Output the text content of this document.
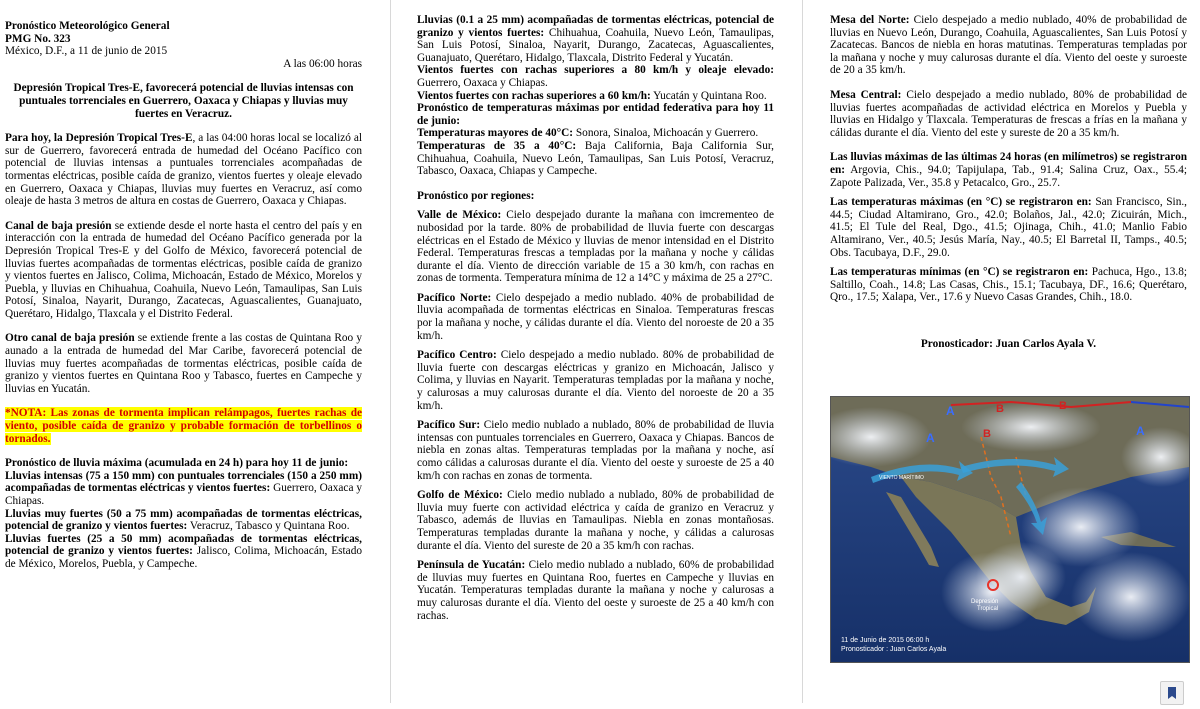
Pronóstico Meteorológico General

PMG No. 323

México, D.F., a 11 de junio de 2015

A las 06:00 horas

Depresión Tropical Tres-E, favorecerá potencial de lluvias intensas con puntuales torrenciales en Guerrero, Oaxaca y Chiapas y lluvias muy fuertes en Veracruz.

Para hoy, la Depresión Tropical Tres-E, a las 04:00 horas local se localizó al sur de Guerrero, favorecerá entrada de humedad del Océano Pacífico con potencial de lluvias intensas a puntuales torrenciales acompañadas de tormentas eléctricas, posible caída de granizo, vientos fuertes y oleaje elevado en Guerrero, Oaxaca y Chiapas, lluvias muy fuertes en Veracruz, así como oleaje de hasta 3 metros de altura en costas de Guerrero, Oaxaca y Chiapas.

Canal de baja presión se extiende desde el norte hasta el centro del país y en interacción con la entrada de humedad del Océano Pacífico generada por la Depresión Tropical Tres-E y del Golfo de México, favorecerá potencial de lluvias fuertes acompañadas de tormentas eléctricas, posible caída de granizo y vientos fuertes en Jalisco, Colima, Michoacán, Estado de México, Morelos y Puebla, y lluvias en Chihuahua, Coahuila, Nuevo León, Tamaulipas, San Luis Potosí, Sinaloa, Nayarit, Durango, Zacatecas, Aguascalientes, Guanajuato, Querétaro, Hidalgo, Tlaxcala y el Distrito Federal.

Otro canal de baja presión se extiende frente a las costas de Quintana Roo y aunado a la entrada de humedad del Mar Caribe, favorecerá potencial de lluvias muy fuertes acompañadas de tormentas eléctricas, posible caída de granizo y vientos fuertes en Quintana Roo y Tabasco, fuertes en Campeche y lluvias en Yucatán.

*NOTA: Las zonas de tormenta implican relámpagos, fuertes rachas de viento, posible caída de granizo y probable formación de torbellinos o tornados.

Pronóstico de lluvia máxima (acumulada en 24 h) para hoy 11 de junio:

Lluvias intensas (75 a 150 mm) con puntuales torrenciales (150 a 250 mm) acompañadas de tormentas eléctricas y vientos fuertes: Guerrero, Oaxaca y Chiapas.

Lluvias muy fuertes (50 a 75 mm) acompañadas de tormentas eléctricas, potencial de granizo y vientos fuertes: Veracruz, Tabasco y Quintana Roo.

Lluvias fuertes (25 a 50 mm) acompañadas de tormentas eléctricas, potencial de granizo y vientos fuertes: Jalisco, Colima, Michoacán, Estado de México, Morelos, Puebla, y Campeche.

Lluvias (0.1 a 25 mm) acompañadas de tormentas eléctricas, potencial de granizo y vientos fuertes: Chihuahua, Coahuila, Nuevo León, Tamaulipas, San Luis Potosí, Sinaloa, Nayarit, Durango, Zacatecas, Aguascalientes, Guanajuato, Querétaro, Hidalgo, Tlaxcala, Distrito Federal y Yucatán.

Vientos fuertes con rachas superiores a 80 km/h y oleaje elevado: Guerrero, Oaxaca y Chiapas.

Vientos fuertes con rachas superiores a 60 km/h: Yucatán y Quintana Roo.

Pronóstico de temperaturas máximas por entidad federativa para hoy 11 de junio:

Temperaturas mayores de 40°C: Sonora, Sinaloa, Michoacán y Guerrero.

Temperaturas de 35 a 40°C: Baja California, Baja California Sur, Chihuahua, Coahuila, Nuevo León, Tamaulipas, San Luis Potosí, Veracruz, Tabasco, Oaxaca, Chiapas y Campeche.

Pronóstico por regiones:

Valle de México: Cielo despejado durante la mañana con imcrementeo de nubosidad por la tarde. 80% de probabilidad de lluvia fuerte con descargas eléctricas en el Estado de México y lluvias de menor intensidad en el Distrito Federal. Temperaturas frescas a templadas por la mañana y noche y cálidas durante el día. Viento de dirección variable de 15 a 30 km/h, con rachas en zonas de tormenta. Temperatura mínima de 12 a 14°C y máxima de 25 a 27°C.

Pacífico Norte: Cielo despejado a medio nublado. 40% de probabilidad de lluvia acompañada de tormentas eléctricas en Sinaloa. Temperaturas frescas por la mañana y noche, y cálidas durante el día. Viento del noroeste de 20 a 35 km/h.

Pacífico Centro: Cielo despejado a medio nublado. 80% de probabilidad de lluvia fuerte con descargas eléctricas y granizo en Michoacán, Jalisco y Colima, y lluvias en Nayarit. Temperaturas templadas por la mañana y noche, y calurosas a muy calurosas durante el día. Viento del noroeste de 20 a 35 km/h.

Pacífico Sur: Cielo medio nublado a nublado, 80% de probabilidad de lluvia intensas con puntuales torrenciales en Guerrero, Oaxaca y Chiapas. Bancos de niebla en zonas altas. Temperaturas templadas por la mañana y noche, así como cálidas a calurosas durante el día. Viento del oeste y suroeste de 25 a 40 km/h con rachas en zonas de tormenta.

Golfo de México: Cielo medio nublado a nublado, 80% de probabilidad de lluvia muy fuerte con actividad eléctrica y caída de granizo en Veracruz y Tabasco, además de lluvias en Tamaulipas. Niebla en zonas montañosas. Temperaturas templadas durante la mañana y noche, y cálidas a calurosas durante el día. Viento del sureste de 20 a 35 km/h con rachas.

Península de Yucatán: Cielo medio nublado a nublado, 60% de probabilidad de lluvias muy fuertes en Quintana Roo, fuertes en Campeche y lluvias en Yucatán. Temperaturas templadas durante la mañana y noche y calurosas a muy calurosas durante el día. Viento del oeste y suroeste de 25 a 40 km/h con rachas.

Mesa del Norte: Cielo despejado a medio nublado, 40% de probabilidad de lluvias en Nuevo León, Durango, Coahuila, Aguascalientes, San Luis Potosí y Zacatecas. Bancos de niebla en horas matutinas. Temperaturas templadas por la mañana y noche y muy calurosas durante el día. Viento del oeste y suroeste de 20 a 35 km/h.

Mesa Central: Cielo despejado a medio nublado, 80% de probabilidad de lluvias fuertes acompañadas de actividad eléctrica en Morelos y Puebla y lluvias en Hidalgo y Tlaxcala. Temperaturas de frescas a frías en la mañana y cálidas durante el día. Viento del este y sureste de 20 a 35 km/h.

Las lluvias máximas de las últimas 24 horas (en milímetros) se registraron en: Argovia, Chis., 94.0; Tapijulapa, Tab., 91.4; Salina Cruz, Oax., 55.4; Zapote Palizada, Ver., 35.8 y Petacalco, Gro., 25.7.

Las temperaturas máximas (en °C) se registraron en: San Francisco, Sin., 44.5; Ciudad Altamirano, Gro., 42.0; Bolaños, Jal., 42.0; Zicuirán, Mich., 41.5; El Tule del Real, Dgo., 41.5; Ojinaga, Chih., 41.0; Manlio Fabio Altamirano, Ver., 40.5; Jesús María, Nay., 40.5; El Barretal II, Tamps., 40.5; Obs. Tacubaya, D.F., 29.0.

Las temperaturas mínimas (en °C) se registraron en: Pachuca, Hgo., 13.8; Saltillo, Coah., 14.8; Las Casas, Chis., 15.1; Tacubaya, DF., 16.6; Querétaro, Qro., 17.5; Xalapa, Ver., 17.6 y Nuevo Casas Grandes, Chih., 18.0.

Pronosticador: Juan Carlos Ayala V.

A
A	B
B
B
A
VIENTO MARÍTIMO
Depresión
Tropical
11 de Junio de 2015 06:00 h
Pronosticador : Juan Carlos Ayala
